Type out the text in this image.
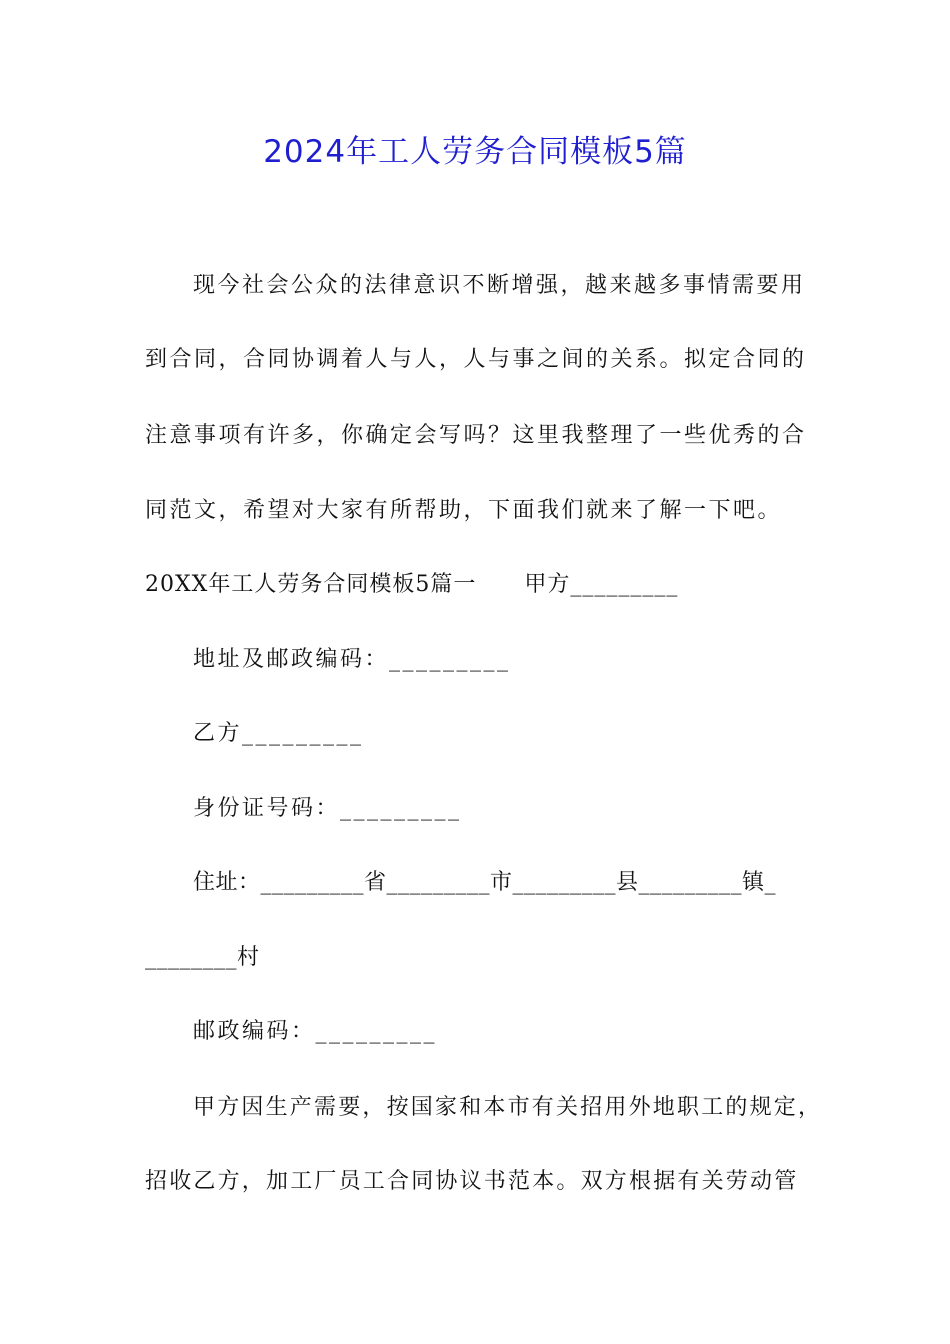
2024年工人劳务合同模板5篇
现今社会公众的法律意识不断增强，越来越多事情需要用
到合同，合同协调着人与人，人与事之间的关系。拟定合同的
注意事项有许多，你确定会写吗？这里我整理了一些优秀的合
同范文，希望对大家有所帮助，下面我们就来了解一下吧。
20XX年工人劳务合同模板5篇一 甲方_________
地址及邮政编码：_________
乙方_________
身份证号码：_________
住址：_________省_________市_________县_________镇_
________村
邮政编码：_________
甲方因生产需要，按国家和本市有关招用外地职工的规定，
招收乙方，加工厂员工合同协议书范本。双方根据有关劳动管
